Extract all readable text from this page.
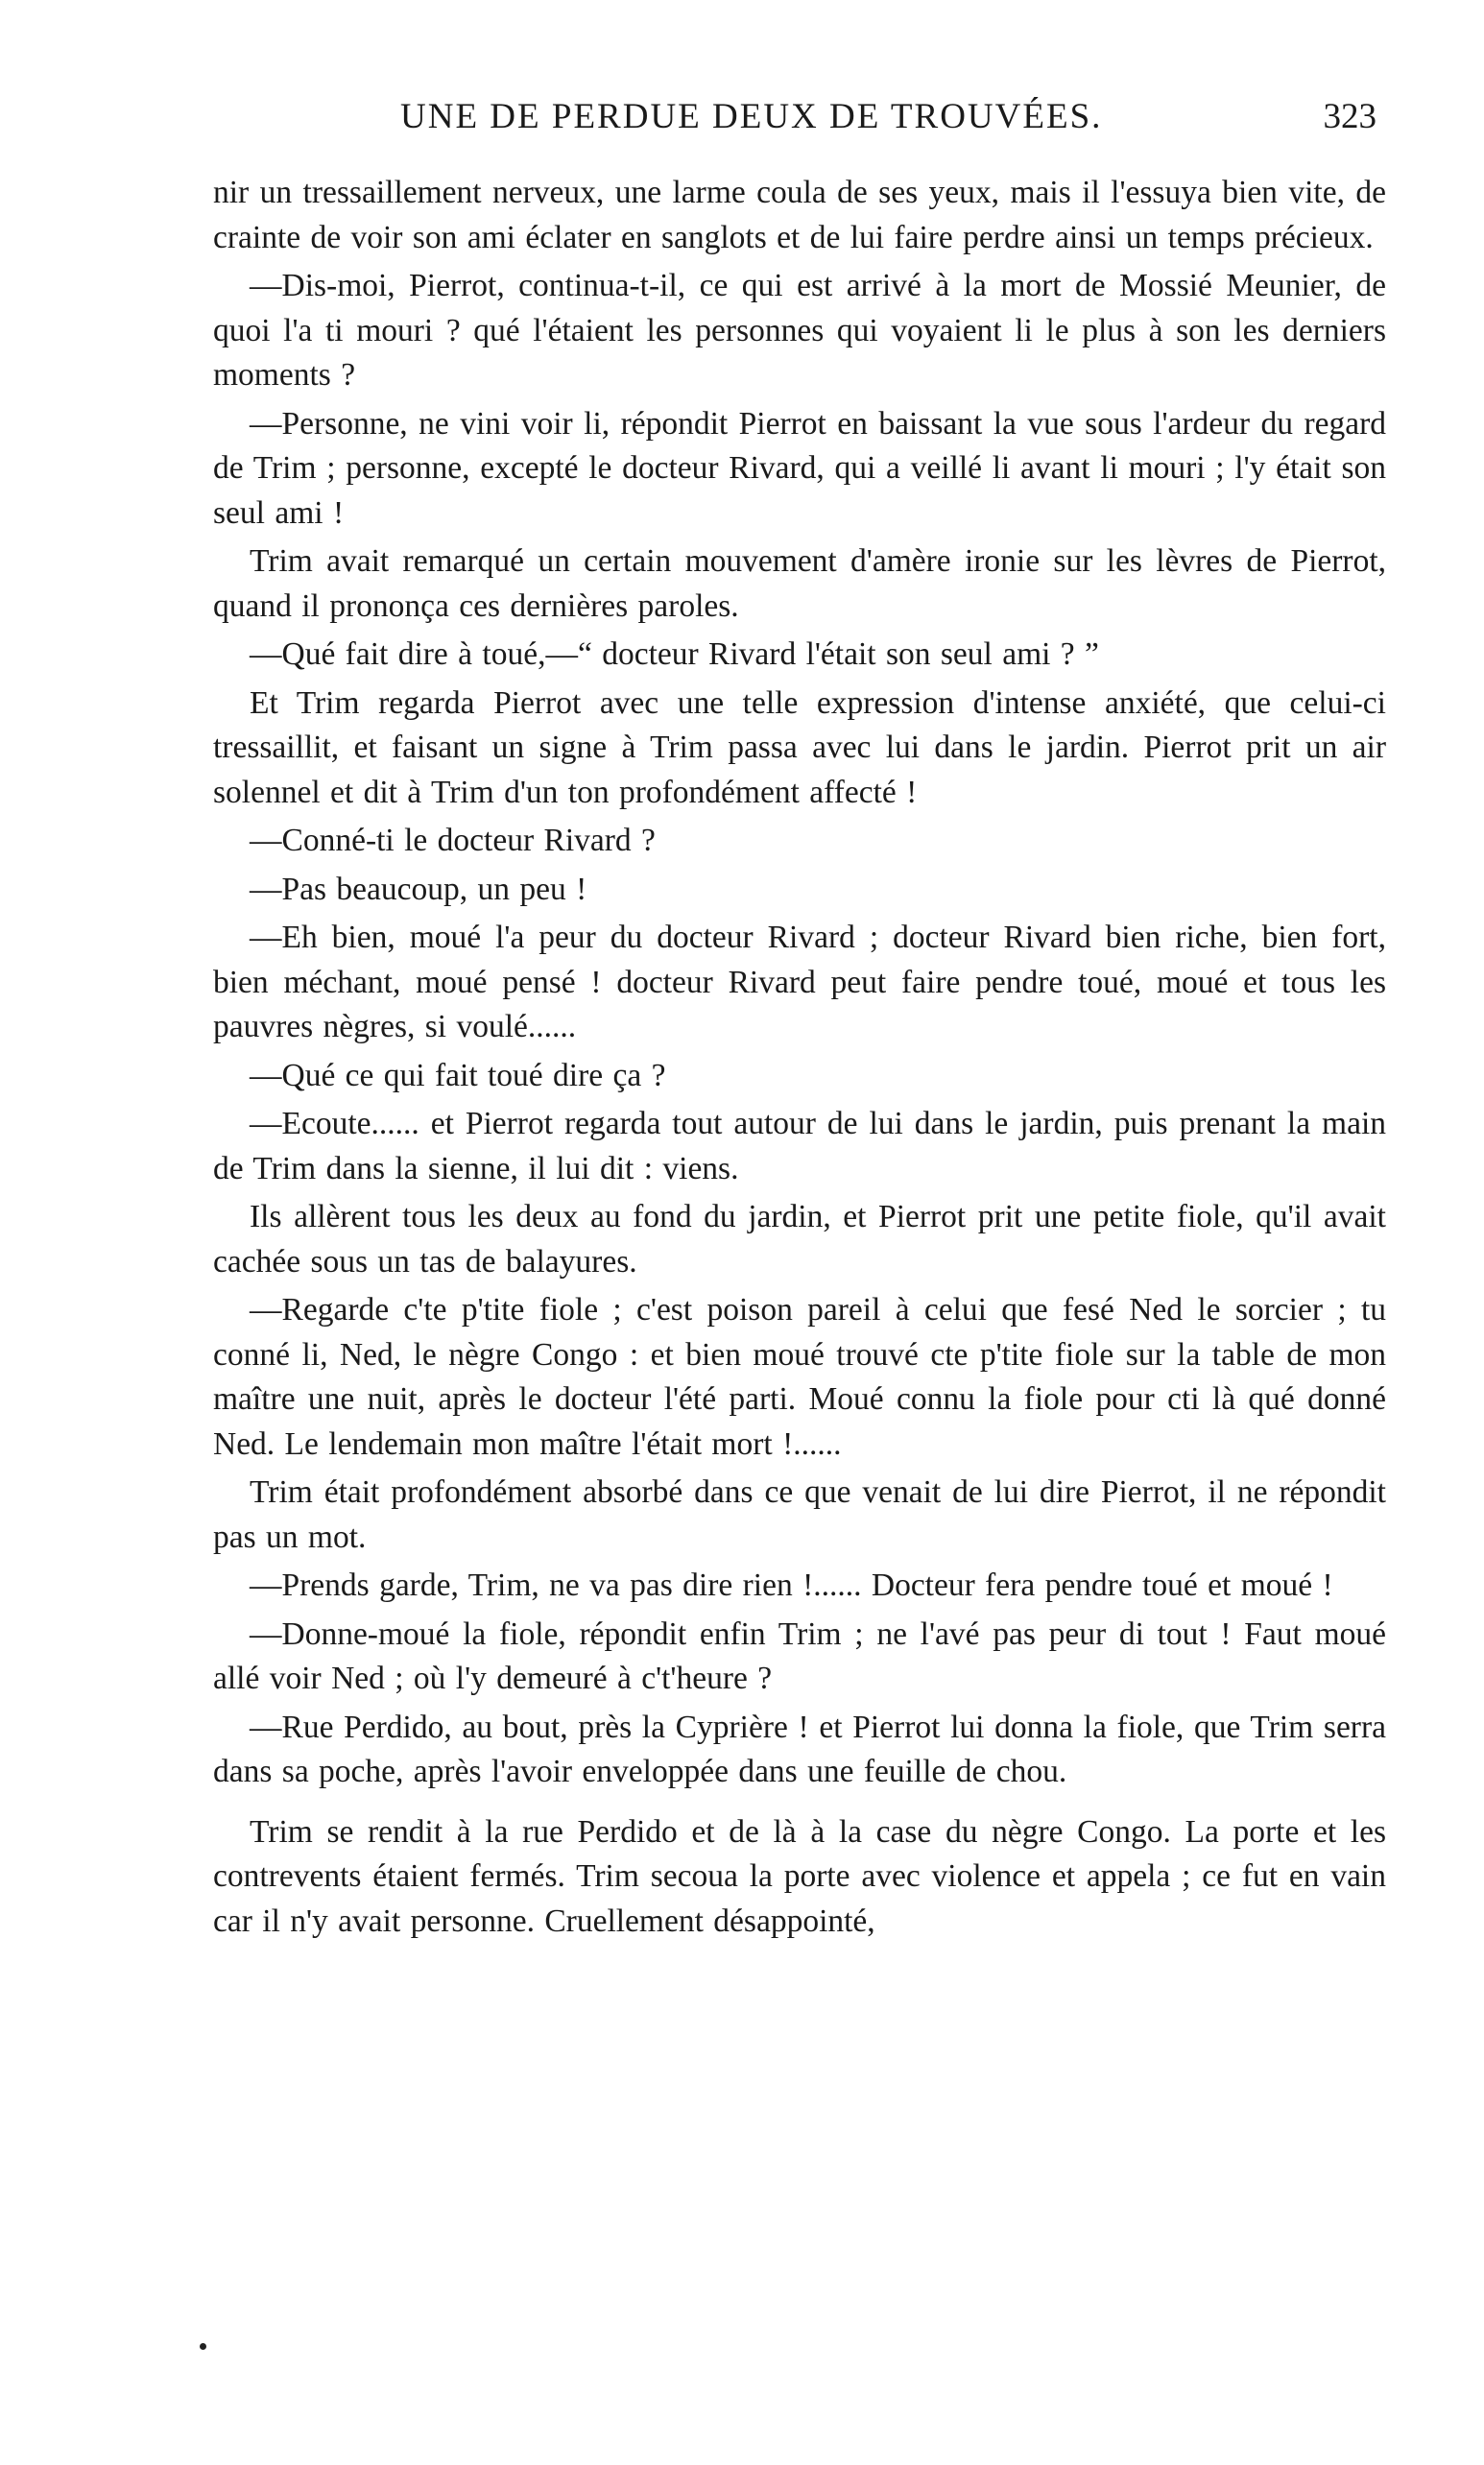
UNE DE PERDUE DEUX DE TROUVÉES.	323

nir un tressaillement nerveux, une larme coula de ses yeux, mais il l'essuya bien vite, de crainte de voir son ami éclater en sanglots et de lui faire perdre ainsi un temps précieux.

—Dis-moi, Pierrot, continua-t-il, ce qui est arrivé à la mort de Mossié Meunier, de quoi l'a ti mouri ? qué l'étaient les personnes qui voyaient li le plus à son les derniers moments ?

—Personne, ne vini voir li, répondit Pierrot en baissant la vue sous l'ardeur du regard de Trim ; personne, excepté le docteur Rivard, qui a veillé li avant li mouri ; l'y était son seul ami !

Trim avait remarqué un certain mouvement d'amère ironie sur les lèvres de Pierrot, quand il prononça ces dernières paroles.

—Qué fait dire à toué,—“ docteur Rivard l'était son seul ami ? ”

Et Trim regarda Pierrot avec une telle expression d'intense anxiété, que celui-ci tressaillit, et faisant un signe à Trim passa avec lui dans le jardin. Pierrot prit un air solennel et dit à Trim d'un ton profondément affecté !

—Conné-ti le docteur Rivard ?

—Pas beaucoup, un peu !

—Eh bien, moué l'a peur du docteur Rivard ; docteur Rivard bien riche, bien fort, bien méchant, moué pensé ! docteur Rivard peut faire pendre toué, moué et tous les pauvres nègres, si voulé......

—Qué ce qui fait toué dire ça ?

—Ecoute...... et Pierrot regarda tout autour de lui dans le jardin, puis prenant la main de Trim dans la sienne, il lui dit : viens.

Ils allèrent tous les deux au fond du jardin, et Pierrot prit une petite fiole, qu'il avait cachée sous un tas de balayures.

—Regarde c'te p'tite fiole ; c'est poison pareil à celui que fesé Ned le sorcier ; tu conné li, Ned, le nègre Congo : et bien moué trouvé cte p'tite fiole sur la table de mon maître une nuit, après le docteur l'été parti. Moué connu la fiole pour cti là qué donné Ned. Le lendemain mon maître l'était mort !......

Trim était profondément absorbé dans ce que venait de lui dire Pierrot, il ne répondit pas un mot.

—Prends garde, Trim, ne va pas dire rien !...... Docteur fera pendre toué et moué !

—Donne-moué la fiole, répondit enfin Trim ; ne l'avé pas peur di tout ! Faut moué allé voir Ned ; où l'y demeuré à c't'heure ?

—Rue Perdido, au bout, près la Cyprière ! et Pierrot lui donna la fiole, que Trim serra dans sa poche, après l'avoir enveloppée dans une feuille de chou.

Trim se rendit à la rue Perdido et de là à la case du nègre Congo. La porte et les contrevents étaient fermés. Trim secoua la porte avec violence et appela ; ce fut en vain car il n'y avait personne. Cruellement désappointé,
